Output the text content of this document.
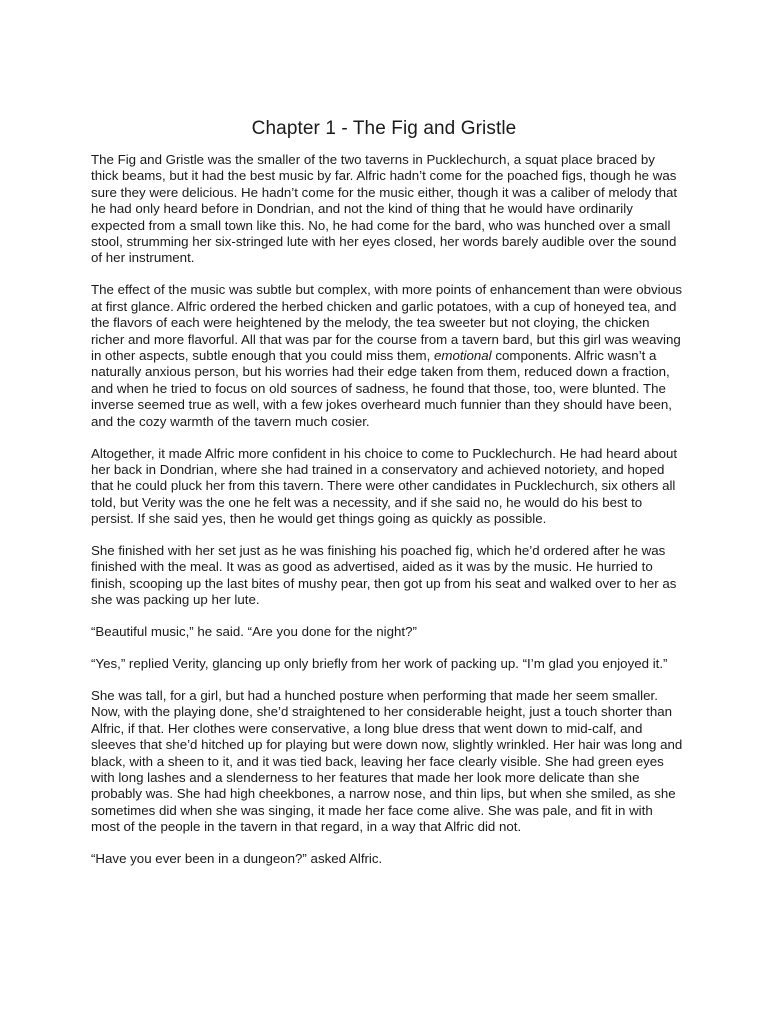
Chapter 1 - The Fig and Gristle

The Fig and Gristle was the smaller of the two taverns in Pucklechurch, a squat place braced by thick beams, but it had the best music by far. Alfric hadn’t come for the poached figs, though he was sure they were delicious. He hadn’t come for the music either, though it was a caliber of melody that he had only heard before in Dondrian, and not the kind of thing that he would have ordinarily expected from a small town like this. No, he had come for the bard, who was hunched over a small stool, strumming her six-stringed lute with her eyes closed, her words barely audible over the sound of her instrument.

The effect of the music was subtle but complex, with more points of enhancement than were obvious at first glance. Alfric ordered the herbed chicken and garlic potatoes, with a cup of honeyed tea, and the flavors of each were heightened by the melody, the tea sweeter but not cloying, the chicken richer and more flavorful. All that was par for the course from a tavern bard, but this girl was weaving in other aspects, subtle enough that you could miss them, emotional components. Alfric wasn’t a naturally anxious person, but his worries had their edge taken from them, reduced down a fraction, and when he tried to focus on old sources of sadness, he found that those, too, were blunted. The inverse seemed true as well, with a few jokes overheard much funnier than they should have been, and the cozy warmth of the tavern much cosier.

Altogether, it made Alfric more confident in his choice to come to Pucklechurch. He had heard about her back in Dondrian, where she had trained in a conservatory and achieved notoriety, and hoped that he could pluck her from this tavern. There were other candidates in Pucklechurch, six others all told, but Verity was the one he felt was a necessity, and if she said no, he would do his best to persist. If she said yes, then he would get things going as quickly as possible.

She finished with her set just as he was finishing his poached fig, which he’d ordered after he was finished with the meal. It was as good as advertised, aided as it was by the music. He hurried to finish, scooping up the last bites of mushy pear, then got up from his seat and walked over to her as she was packing up her lute.

“Beautiful music,” he said. “Are you done for the night?”

“Yes,” replied Verity, glancing up only briefly from her work of packing up. “I’m glad you enjoyed it.”

She was tall, for a girl, but had a hunched posture when performing that made her seem smaller. Now, with the playing done, she’d straightened to her considerable height, just a touch shorter than Alfric, if that. Her clothes were conservative, a long blue dress that went down to mid-calf, and sleeves that she’d hitched up for playing but were down now, slightly wrinkled. Her hair was long and black, with a sheen to it, and it was tied back, leaving her face clearly visible. She had green eyes with long lashes and a slenderness to her features that made her look more delicate than she probably was. She had high cheekbones, a narrow nose, and thin lips, but when she smiled, as she sometimes did when she was singing, it made her face come alive. She was pale, and fit in with most of the people in the tavern in that regard, in a way that Alfric did not.

“Have you ever been in a dungeon?” asked Alfric.
